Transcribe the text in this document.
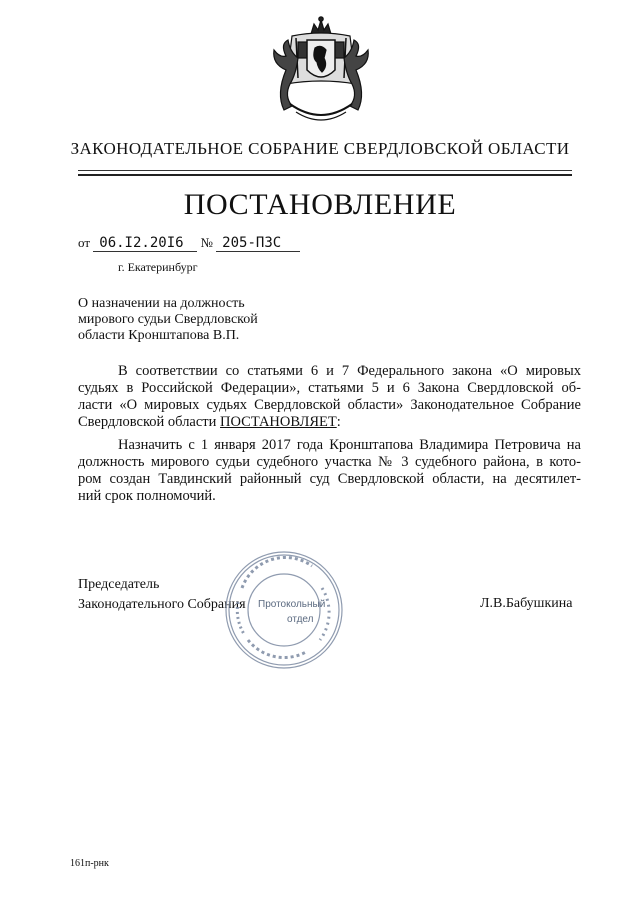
ЗАКОНОДАТЕЛЬНОЕ СОБРАНИЕ СВЕРДЛОВСКОЙ ОБЛАСТИ
ПОСТАНОВЛЕНИЕ
от 06.I2.20I6 № 205-ПЗС
г. Екатеринбург
О назначении на должность
мирового судьи Свердловской
области Кронштапова В.П.
В соответствии со статьями 6 и 7 Федерального закона «О мировых
судьях в Российской Федерации», статьями 5 и 6 Закона Свердловской об-
ласти «О мировых судьях Свердловской области» Законодательное Собрание
Свердловской области ПОСТАНОВЛЯЕТ:
Назначить с 1 января 2017 года Кронштапова Владимира Петровича на
должность мирового судьи судебного участка № 3 судебного района, в кото-
ром создан Тавдинский районный суд Свердловской области, на десятилет-
ний срок полномочий.
Председатель
Законодательного Собрания Протокольный
отдел
Л.В.Бабушкина
161п-рнк
